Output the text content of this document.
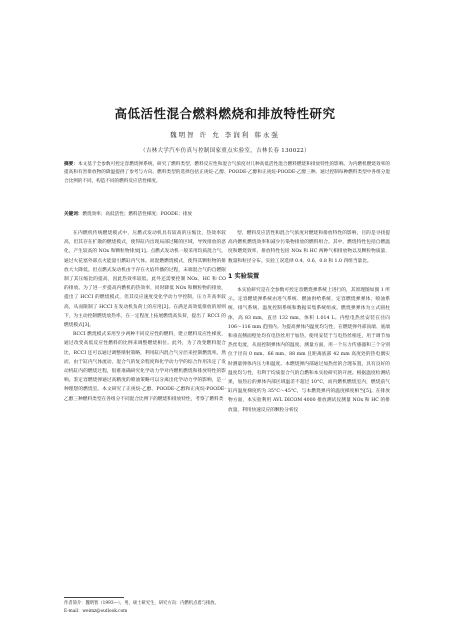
高低活性混合燃料燃烧和排放特性研究
魏明智 许 允 李润利 韩永强
（吉林大学汽车仿真与控制国家重点实验室，吉林长春 130022）
摘要：本文基于全参数可控定容燃烧弹系统，研究了燃料类型、燃料反应性和混合气浓度对几种高低活性混合燃料燃烧和排放特性的影响。为内燃机燃烧效率的提高和有害排放物的降温提供了参考与方向。燃料类型的选择包括正庚烷-乙醇、POODE-乙醇和正庚烷-POODE-乙醇三种。通过控制每种燃料类型中各组分混合比例的不同，构造不同的燃料反应活性梯度。
关键词：燃烧效率；高低活性；燃料活性梯度；POODE；排放

在内燃机传统燃烧模式中，压燃式发动机具有较高的压缩比，热效率较高，但其存在扩散的燃烧模式，使得缸内出现局部过稀的区域，导致排放的恶化，产生较高的 NOx 和颗粒物排放[1]。点燃式发动机一般采用均质混合气，通过火花塞外部点火能量引燃缸内气体。而混燃燃烧模式，使得其颗粒物的排放大大降低。但点燃式发动机由于存在火焰传播的过程，末端混合气的自燃限制了其压缩比的提高，因此热效率较低。此外还需要控制 NOx、HC 和 CO 的排放。为了进一步提高内燃机的热效率，同时降低 NOx 和颗粒物的排放，提出了 HCCI 的燃烧模式，但其反应速度受化学动力学控制，压力升高率较高，从而限制了 HCCI 在发动机负荷上的应用[2]。在满足高效低排放的原则下，为主动控制燃烧放热率，在一定程度上拓展燃烧高负荷，提出了 RCCI 的燃烧模式[3]。

RCCI 燃烧模式采用至少两种不同反应性的燃料，建立燃料反应性梯度，通过改变高低反应性燃料的比例来调整燃烧相位。此外，为了改变燃料混合比，RCCI 还可以通过调整喷射策略，利用缸内混合气分层来控制燃烧率。然而，由于缸内气体流动，混合气的复杂程度和化学动力学的综合作用决定了发动机缸内的燃烧过程，很难准确研究化学动力学对内燃机燃烧和排放特性的影响。鉴定容燃烧弹通过高精度的喷油策略可以分离出化学动力学的影响，是一种理想的燃烧室。本文研究了正庚烷-乙醇、POODE-乙醇和正庚烷-POODE-乙醇三种燃料类型在各组分不同混合比例下的燃烧和排放特性，考察了燃料类

型、燃料反应活性和混合气浓度对燃烧和排放特性的影响，目的是寻找提高内燃机燃烧效率和减少污染物排放的燃料组合。其中，燃烧特性包括自燃温度和燃烧效率，排放特性包括 NOx 和 HC 两种气相排放物以及颗粒物质量、数量和粒径分布。实验工况选择 0.4、0.6、0.8 和 1.0 四组当量比。

1 实验装置

本实验研究是在全参数可控定容燃烧弹系统上进行的，其原理图如图 1 所示。定容燃烧弹系统由进气系统、燃油供给系统、定容燃烧弹弹体、喷油系统、排气系统、温度控制系统和数据采集系统组成。燃烧弹弹体为立式圆柱体，高 83 mm，直径 132 mm，体积 1.014 L。内壁电热丝安装在径向 106～116 mm 范围内。为提高弹体内温度均匀性，在燃烧弹外部顶端、底端和垂直侧面壁处均有电热丝用于加热。使用安装于与电热丝相连，用于调节加热丝电流，从而控制弹体内的温度。测量方面，用一个压力传感器和三个分别位于径向 0 mm、66 mm、88 mm 且距离底部 42 mm 高度处的热电偶实时测量弹体内压力和温度。本燃烧弹内部通过加热丝的合理布置，具有良好的温度均匀性，有利于均质混合气的自燃和本实验研究的开展。根据温度检测结果，加热后的弹体内部区域温差不超过 10°C，而内燃机燃烧室内，燃烧前气缸内温度梯度约为 35°C～45°C，与本燃烧弹内的温度梯度相当[5]。在排放物方面，本实验利用 AVL DICOM 4000 排放测试仪测量 NOx 和 HC 的排放量，利用快速反应的颗粒分析仪

作者简介：魏明智（1993—），男，硕士研究生，研究方向：内燃机点着与排放。
E-mail：weimz@outlook.com
